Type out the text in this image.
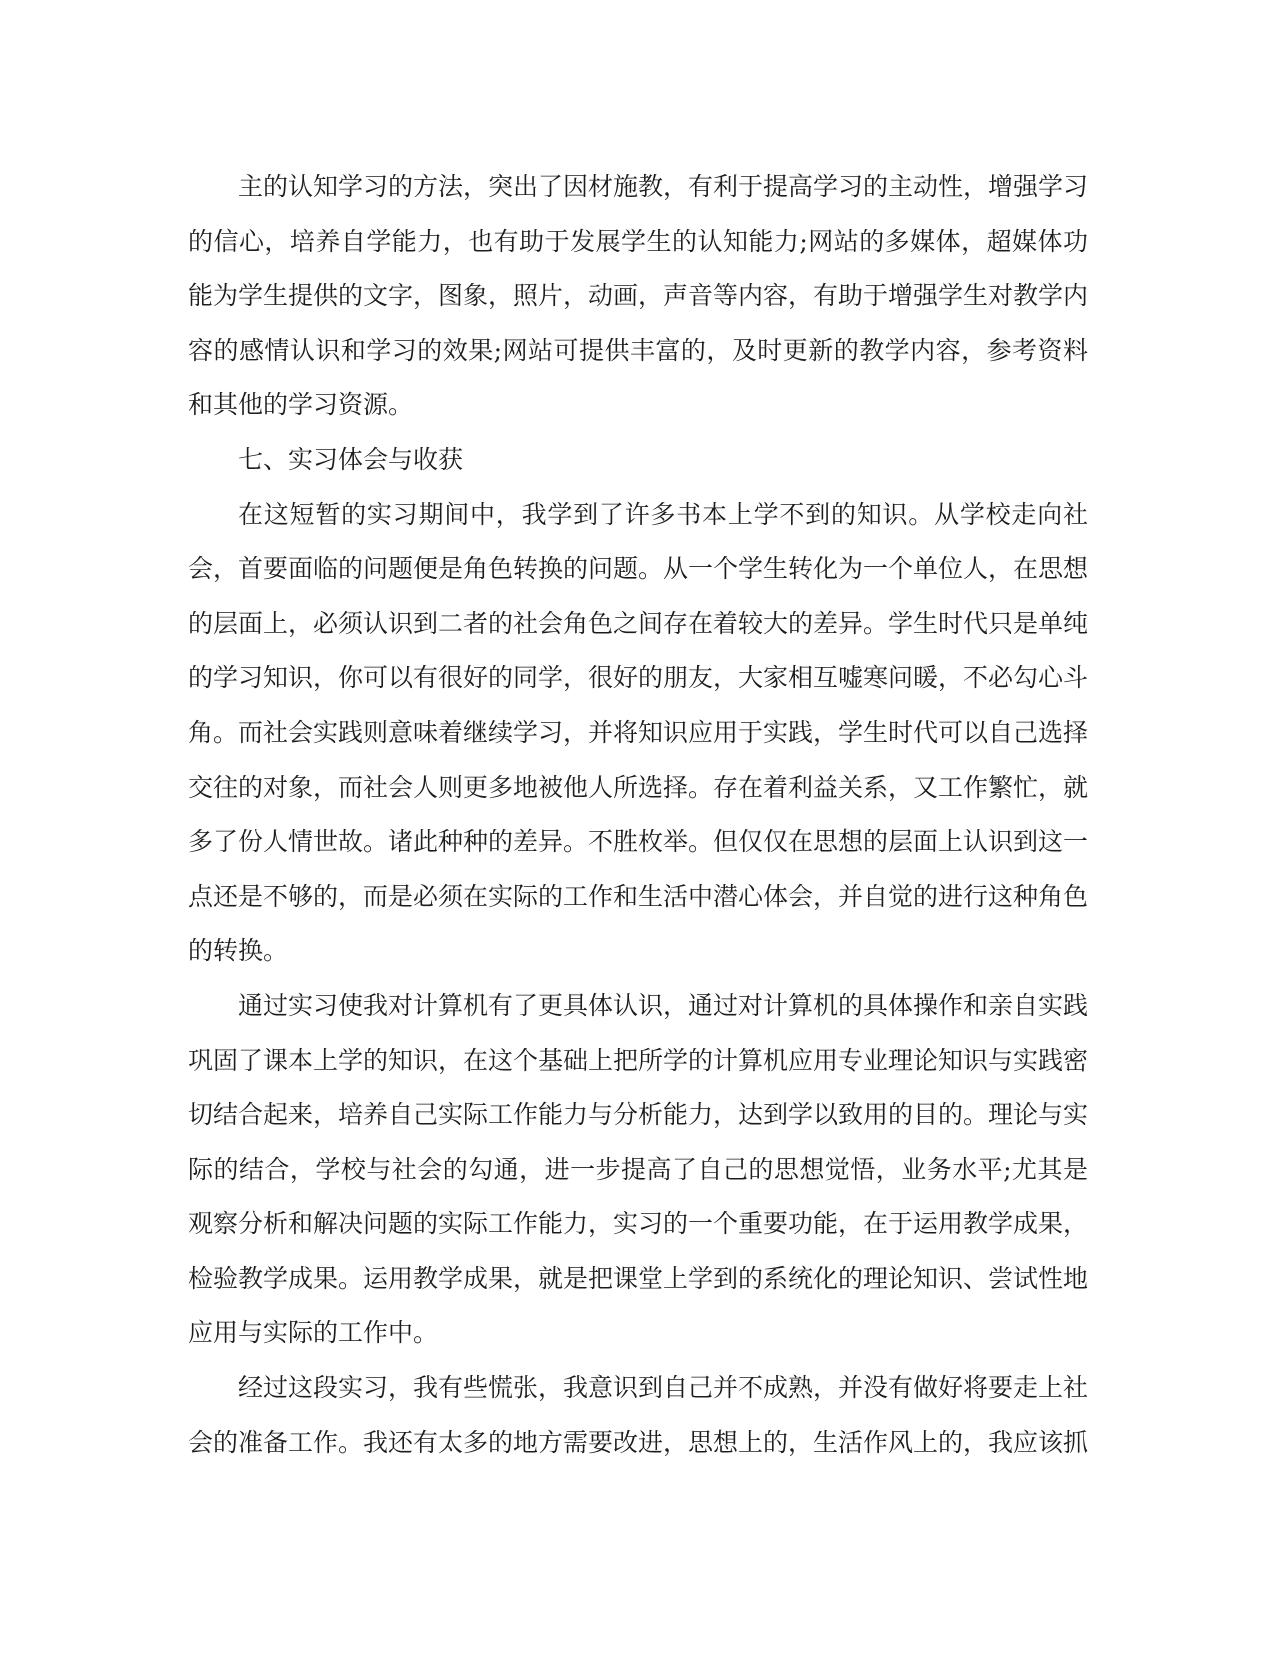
主的认知学习的方法，突出了因材施教，有利于提高学习的主动性，增强学习的信心，培养自学能力，也有助于发展学生的认知能力;网站的多媒体，超媒体功能为学生提供的文字，图象，照片，动画，声音等内容，有助于增强学生对教学内容的感情认识和学习的效果;网站可提供丰富的，及时更新的教学内容，参考资料和其他的学习资源。

七、实习体会与收获

在这短暂的实习期间中，我学到了许多书本上学不到的知识。从学校走向社会，首要面临的问题便是角色转换的问题。从一个学生转化为一个单位人，在思想的层面上，必须认识到二者的社会角色之间存在着较大的差异。学生时代只是单纯的学习知识，你可以有很好的同学，很好的朋友，大家相互嘘寒问暖，不必勾心斗角。而社会实践则意味着继续学习，并将知识应用于实践，学生时代可以自己选择交往的对象，而社会人则更多地被他人所选择。存在着利益关系，又工作繁忙，就多了份人情世故。诸此种种的差异。不胜枚举。但仅仅在思想的层面上认识到这一点还是不够的，而是必须在实际的工作和生活中潜心体会，并自觉的进行这种角色的转换。

通过实习使我对计算机有了更具体认识，通过对计算机的具体操作和亲自实践巩固了课本上学的知识，在这个基础上把所学的计算机应用专业理论知识与实践密切结合起来，培养自己实际工作能力与分析能力，达到学以致用的目的。理论与实际的结合，学校与社会的勾通，进一步提高了自己的思想觉悟，业务水平;尤其是观察分析和解决问题的实际工作能力，实习的一个重要功能，在于运用教学成果，检验教学成果。运用教学成果，就是把课堂上学到的系统化的理论知识、尝试性地应用与实际的工作中。

经过这段实习，我有些慌张，我意识到自己并不成熟，并没有做好将要走上社会的准备工作。我还有太多的地方需要改进，思想上的，生活作风上的，我应该抓
